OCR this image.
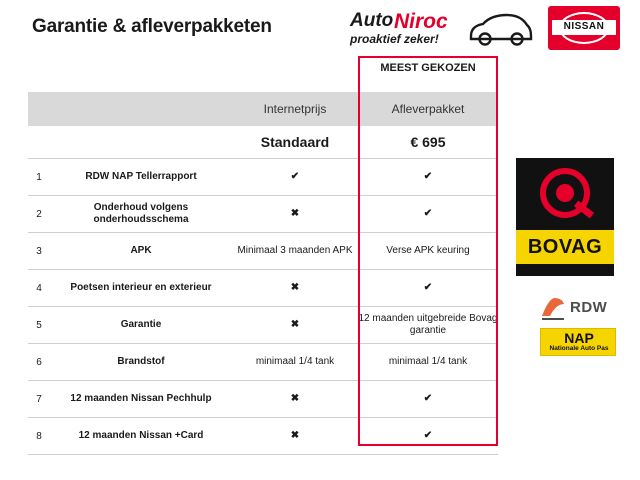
Garantie & afleverpakketen	Auto Niroc
proaktief zeker!
NISSAN
MEEST GEKOZEN
		Internetprijs	Afleverpakket
		Standaard	€ 695
1	RDW NAP Tellerrapport	✔	✔
2	Onderhoud volgens onderhoudsschema	✖	✔
3	APK	Minimaal 3 maanden APK	Verse APK keuring
4	Poetsen interieur en exterieur	✖	✔
5	Garantie	✖	12 maanden uitgebreide Bovag garantie
6	Brandstof	minimaal 1/4 tank	minimaal 1/4 tank
7	12 maanden Nissan Pechhulp	✖	✔
8	12 maanden Nissan +Card	✖	✔
BOVAG
RDW
NAP
Nationale Auto Pas
